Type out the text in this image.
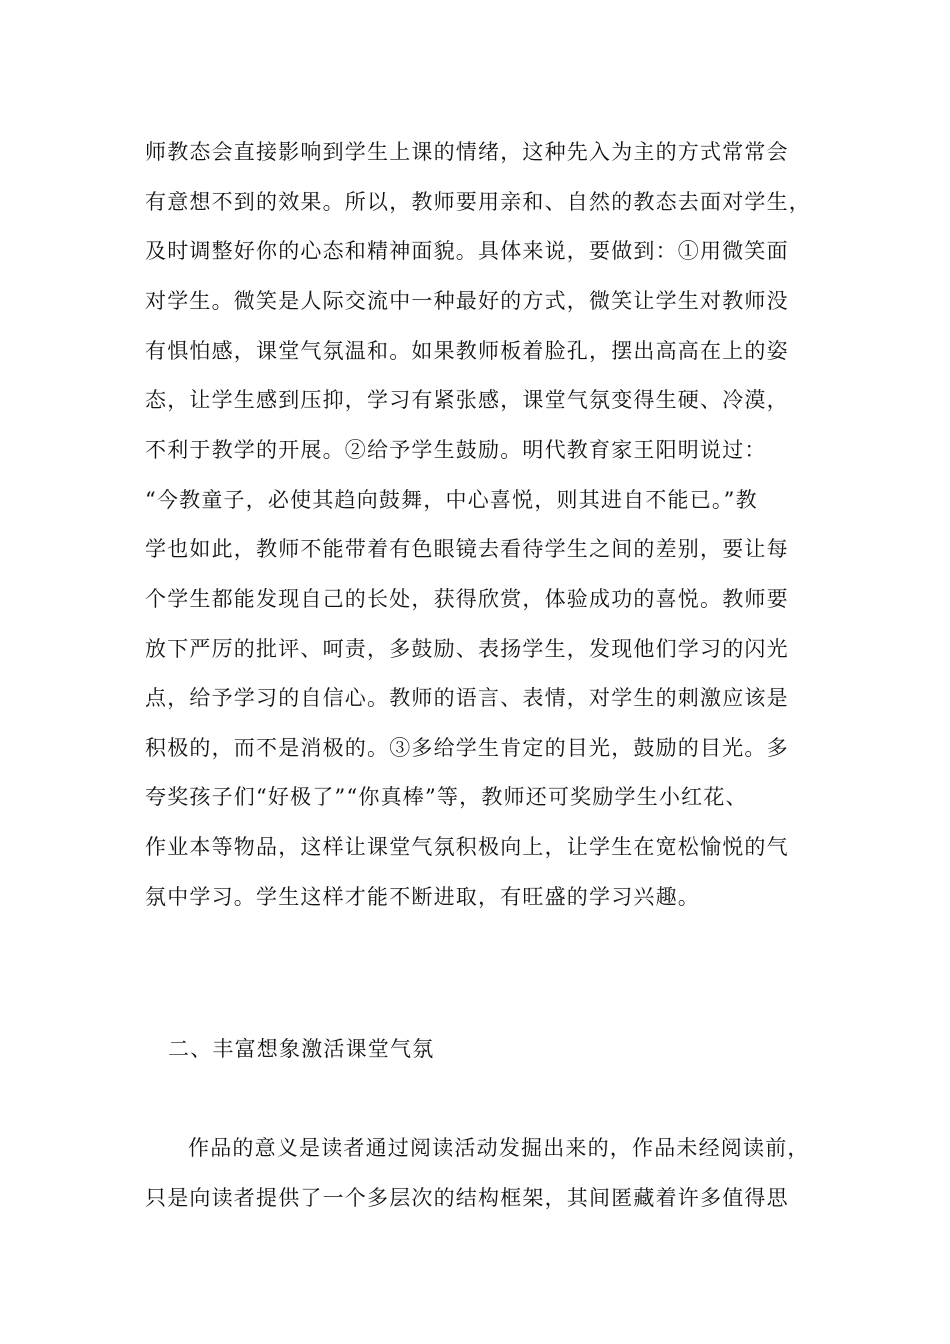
师教态会直接影响到学生上课的情绪，这种先入为主的方式常常会
有意想不到的效果。所以，教师要用亲和、自然的教态去面对学生，
及时调整好你的心态和精神面貌。具体来说，要做到：①用微笑面
对学生。微笑是人际交流中一种最好的方式，微笑让学生对教师没
有惧怕感，课堂气氛温和。如果教师板着脸孔，摆出高高在上的姿
态，让学生感到压抑，学习有紧张感，课堂气氛变得生硬、冷漠，
不利于教学的开展。②给予学生鼓励。明代教育家王阳明说过：
“今教童子，必使其趋向鼓舞，中心喜悦，则其进自不能已。”教
学也如此，教师不能带着有色眼镜去看待学生之间的差别，要让每
个学生都能发现自己的长处，获得欣赏，体验成功的喜悦。教师要
放下严厉的批评、呵责，多鼓励、表扬学生，发现他们学习的闪光
点，给予学习的自信心。教师的语言、表情，对学生的刺激应该是
积极的，而不是消极的。③多给学生肯定的目光，鼓励的目光。多
夸奖孩子们“好极了”“你真棒”等，教师还可奖励学生小红花、
作业本等物品，这样让课堂气氛积极向上，让学生在宽松愉悦的气
氛中学习。学生这样才能不断进取，有旺盛的学习兴趣。
二、丰富想象激活课堂气氛
作品的意义是读者通过阅读活动发掘出来的，作品未经阅读前，
只是向读者提供了一个多层次的结构框架，其间匿藏着许多值得思
